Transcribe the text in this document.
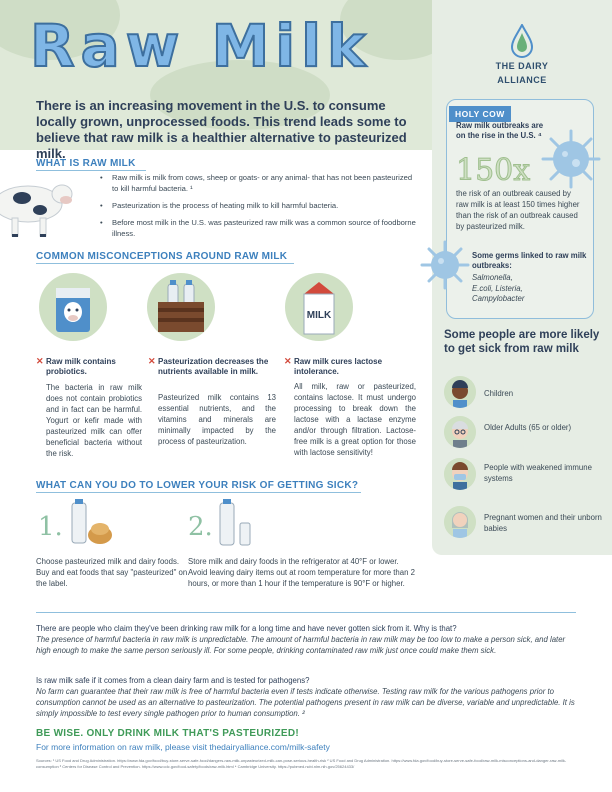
Raw Milk	THE DAIRY
ALLIANCE
There is an increasing movement in the U.S. to consume locally grown, unprocessed foods. This trend leads some to believe that raw milk is a healthier alternative to pasteurized milk.
WHAT IS RAW MILK
• Raw milk is milk from cows, sheep or goats- or any animal- that has not been pasteurized to kill harmful bacteria. ¹
• Pasteurization is the process of heating milk to kill harmful bacteria.
• Before most milk in the U.S. was pasteurized raw milk was a common source of foodborne illness.
COMMON MISCONCEPTIONS AROUND RAW MILK
MILK
✕ Raw milk contains probiotics.
The bacteria in raw milk does not contain probiotics and in fact can be harmful. Yogurt or kefir made with pasteurized milk can offer beneficial bacteria without the risk.
✕ Pasteurization decreases the nutrients available in milk.
Pasteurized milk contains 13 essential nutrients, and the vitamins and minerals are minimally impacted by the process of pasteurization.
✕ Raw milk cures lactose intolerance.
All milk, raw or pasteurized, contains lactose. It must undergo processing to break down the lactose with a lactase enzyme and/or through filtration. Lactose-free milk is a great option for those with lactose sensitivity!
WHAT CAN YOU DO TO LOWER YOUR RISK OF GETTING SICK?
1.
Choose pasteurized milk and dairy foods. Buy and eat foods that say "pasteurized" on the label.
2.
Store milk and dairy foods in the refrigerator at 40°F or lower. Avoid leaving dairy items out at room temperature for more than 2 hours, or more than 1 hour if the temperature is 90°F or higher.
HOLY COW
Raw milk outbreaks are on the rise in the U.S. ⁴
150x
the risk of an outbreak caused by raw milk is at least 150 times higher than the risk of an outbreak caused by pasteurized milk.
Some germs linked to raw milk outbreaks:
Salmonella,
E.coli, Listeria,
Campylobacter
Some people are more likely to get sick from raw milk
Children
Older Adults (65 or older)
People with weakened immune systems
Pregnant women and their unborn babies
There are people who claim they've been drinking raw milk for a long time and have never gotten sick from it. Why is that?
The presence of harmful bacteria in raw milk is unpredictable. The amount of harmful bacteria in raw milk may be too low to make a person sick, and later high enough to make the same person seriously ill. For some people, drinking contaminated raw milk just once could make them sick.
Is raw milk safe if it comes from a clean dairy farm and is tested for pathogens?
No farm can guarantee that their raw milk is free of harmful bacteria even if tests indicate otherwise. Testing raw milk for the various pathogens prior to consumption cannot be used as an alternative to pasteurization. The potential pathogens present in raw milk can be diverse, variable and unpredictable. It is simply impossible to test every single pathogen prior to human consumption. ²
BE WISE. ONLY DRINK MILK THAT'S PASTEURIZED!
For more information on raw milk, please visit thedairyalliance.com/milk-safety
Sources: ¹ US Food and Drug Administration. https://www.fda.gov/food/buy-store-serve-safe-food/dangers-raw-milk-unpasteurized-milk-can-pose-serious-health-risk ² US Food and Drug Administration. https://www.fda.gov/food/buy-store-serve-safe-food/raw-milk-misconceptions-and-danger-raw-milk-consumption ³ Centers for Disease Control and Prevention. https://www.cdc.gov/food-safety/foods/raw-milk.html ⁴ Cambridge University. https://pubmed.ncbi.nlm.nih.gov/25624433/
